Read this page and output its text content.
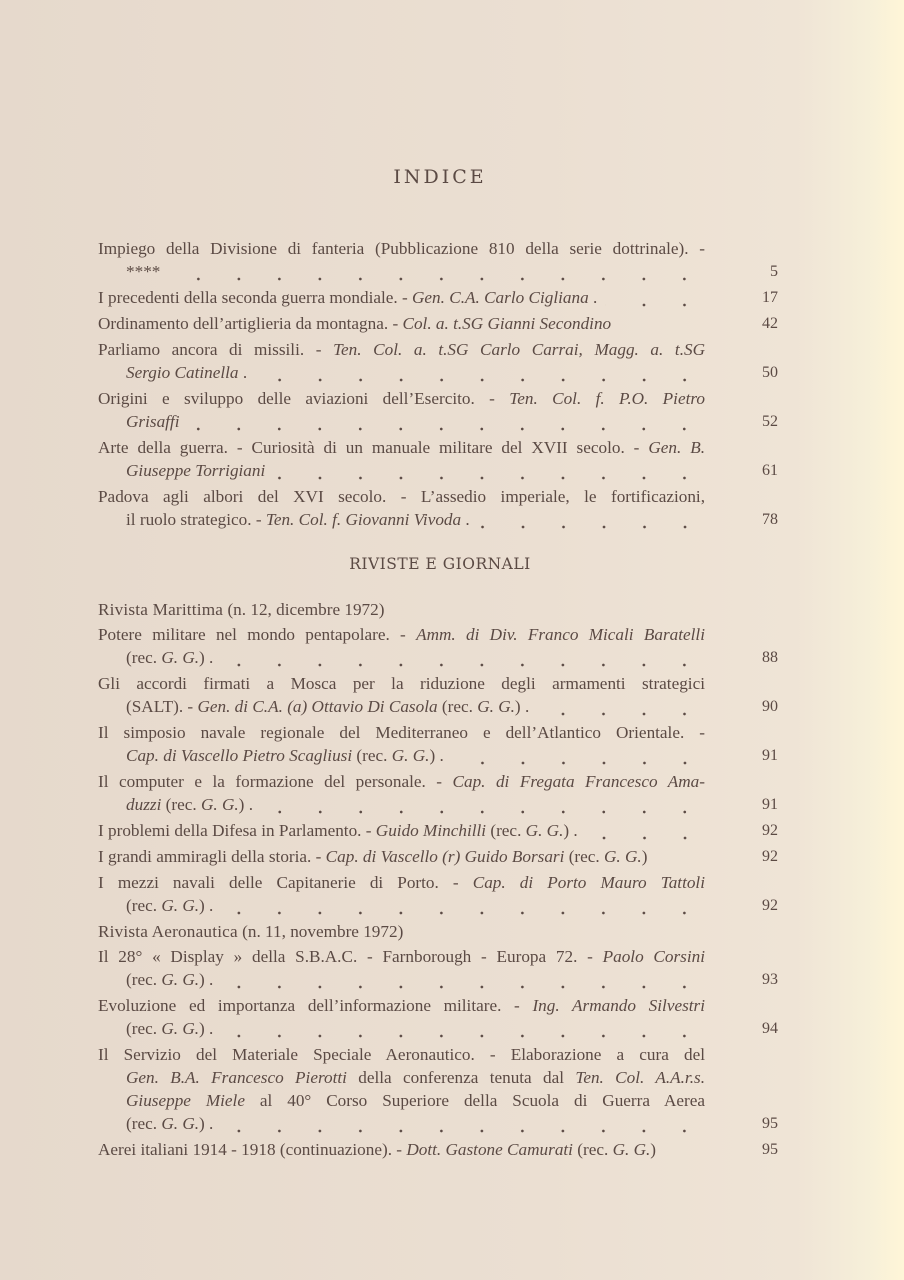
INDICE
Impiego della Divisione di fanteria (Pubblicazione 810 della serie dottrinale). -
****	5
I precedenti della seconda guerra mondiale. - Gen. C.A. Carlo Cigliana .	17
Ordinamento dell’artiglieria da montagna. - Col. a. t.SG Gianni Secondino	42
Parliamo ancora di missili. - Ten. Col. a. t.SG Carlo Carrai, Magg. a. t.SG
Sergio Catinella .	50
Origini e sviluppo delle aviazioni dell’Esercito. - Ten. Col. f. P.O. Pietro
Grisaffi	52
Arte della guerra. - Curiosità di un manuale militare del XVII secolo. - Gen. B.
Giuseppe Torrigiani	61
Padova agli albori del XVI secolo. - L’assedio imperiale, le fortificazioni,
il ruolo strategico. - Ten. Col. f. Giovanni Vivoda .	78
RIVISTE E GIORNALI
Rivista Marittima (n. 12, dicembre 1972)
Potere militare nel mondo pentapolare. - Amm. di Div. Franco Micali Baratelli
(rec. G. G.) .	88
Gli accordi firmati a Mosca per la riduzione degli armamenti strategici
(SALT). - Gen. di C.A. (a) Ottavio Di Casola (rec. G. G.) .	90
Il simposio navale regionale del Mediterraneo e dell’Atlantico Orientale. -
Cap. di Vascello Pietro Scagliusi (rec. G. G.) .	91
Il computer e la formazione del personale. - Cap. di Fregata Francesco Ama-
duzzi (rec. G. G.) .	91
I problemi della Difesa in Parlamento. - Guido Minchilli (rec. G. G.) .	92
I grandi ammiragli della storia. - Cap. di Vascello (r) Guido Borsari (rec. G. G.)	92
I mezzi navali delle Capitanerie di Porto. - Cap. di Porto Mauro Tattoli
(rec. G. G.) .	92
Rivista Aeronautica (n. 11, novembre 1972)
Il 28° « Display » della S.B.A.C. - Farnborough - Europa 72. - Paolo Corsini
(rec. G. G.) .	93
Evoluzione ed importanza dell’informazione militare. - Ing. Armando Silvestri
(rec. G. G.) .	94
Il Servizio del Materiale Speciale Aeronautico. - Elaborazione a cura del
Gen. B.A. Francesco Pierotti della conferenza tenuta dal Ten. Col. A.A.r.s.
Giuseppe Miele al 40° Corso Superiore della Scuola di Guerra Aerea
(rec. G. G.) .	95
Aerei italiani 1914 - 1918 (continuazione). - Dott. Gastone Camurati (rec. G. G.)	95
